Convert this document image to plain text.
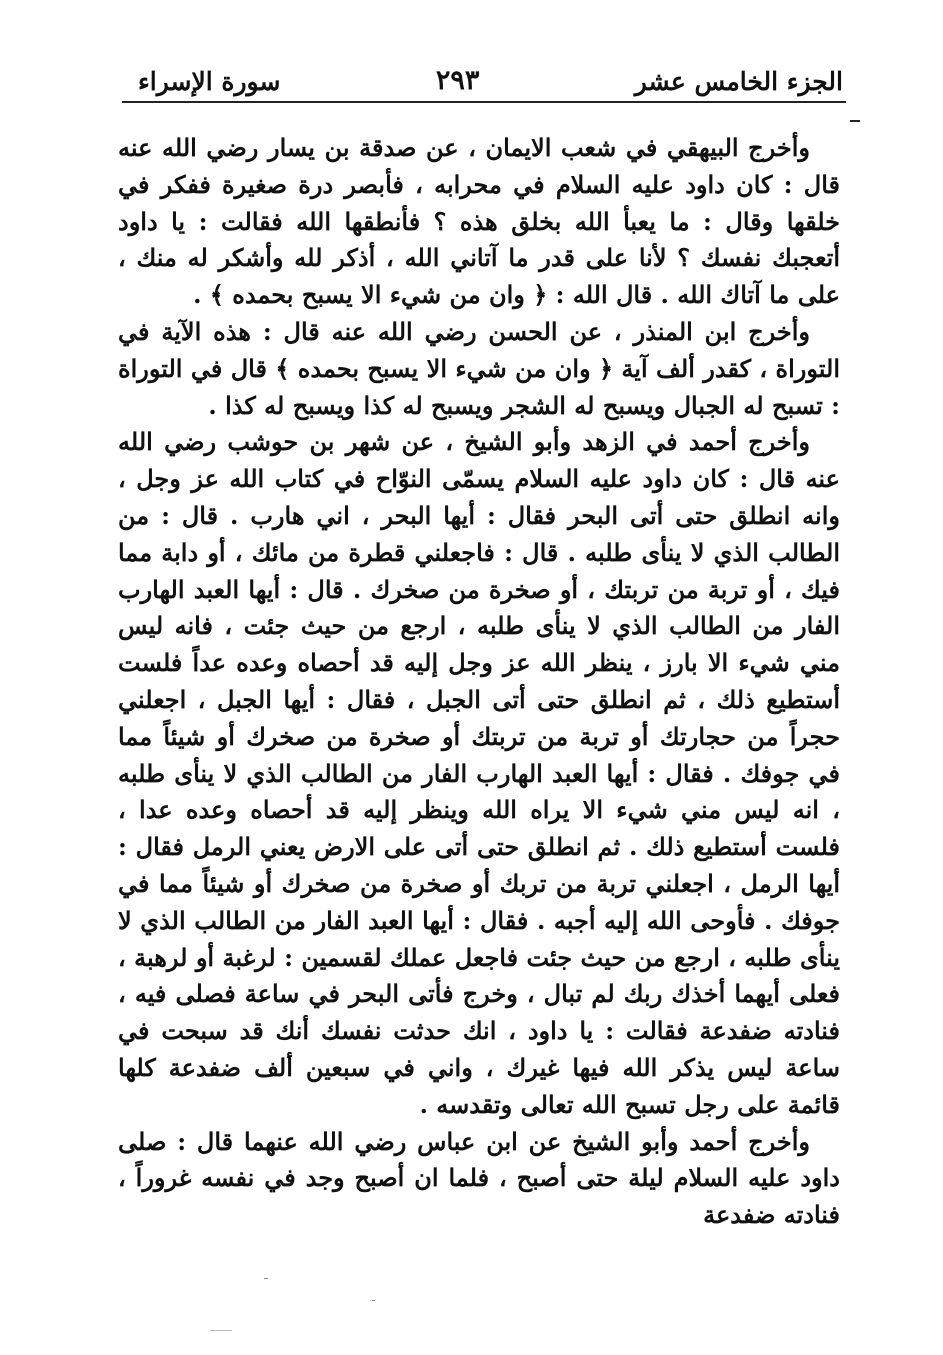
الجزء الخامس عشر
٢٩٣
سورة الإسراء

وأخرج البيهقي في شعب الايمان ، عن صدقة بن يسار رضي الله عنه قال : كان داود عليه السلام في محرابه ، فأبصر درة صغيرة ففكر في خلقها وقال : ما يعبأ الله بخلق هذه ؟ فأنطقها الله فقالت : يا داود أتعجبك نفسك ؟ لأنا على قدر ما آتاني الله ، أذكر لله وأشكر له منك ، على ما آتاك الله . قال الله : ﴿ وان من شيء الا يسبح بحمده ﴾ .

وأخرج ابن المنذر ، عن الحسن رضي الله عنه قال : هذه الآية في التوراة ، كقدر ألف آية ﴿ وان من شيء الا يسبح بحمده ﴾ قال في التوراة : تسبح له الجبال ويسبح له الشجر ويسبح له كذا ويسبح له كذا .

وأخرج أحمد في الزهد وأبو الشيخ ، عن شهر بن حوشب رضي الله عنه قال : كان داود عليه السلام يسمّى النوّاح في كتاب الله عز وجل ، وانه انطلق حتى أتى البحر فقال : أيها البحر ، اني هارب . قال : من الطالب الذي لا ينأى طلبه . قال : فاجعلني قطرة من مائك ، أو دابة مما فيك ، أو تربة من تربتك ، أو صخرة من صخرك . قال : أيها العبد الهارب الفار من الطالب الذي لا ينأى طلبه ، ارجع من حيث جئت ، فانه ليس مني شيء الا بارز ، ينظر الله عز وجل إليه قد أحصاه وعده عداً فلست أستطيع ذلك ، ثم انطلق حتى أتى الجبل ، فقال : أيها الجبل ، اجعلني حجراً من حجارتك أو تربة من تربتك أو صخرة من صخرك أو شيئاً مما في جوفك . فقال : أيها العبد الهارب الفار من الطالب الذي لا ينأى طلبه ، انه ليس مني شيء الا يراه الله وينظر إليه قد أحصاه وعده عدا ، فلست أستطيع ذلك . ثم انطلق حتى أتى على الارض يعني الرمل فقال : أيها الرمل ، اجعلني تربة من تربك أو صخرة من صخرك أو شيئاً مما في جوفك . فأوحى الله إليه أجبه . فقال : أيها العبد الفار من الطالب الذي لا ينأى طلبه ، ارجع من حيث جئت فاجعل عملك لقسمين : لرغبة أو لرهبة ، فعلى أيهما أخذك ربك لم تبال ، وخرج فأتى البحر في ساعة فصلى فيه ، فنادته ضفدعة فقالت : يا داود ، انك حدثت نفسك أنك قد سبحت في ساعة ليس يذكر الله فيها غيرك ، واني في سبعين ألف ضفدعة كلها قائمة على رجل تسبح الله تعالى وتقدسه .

وأخرج أحمد وأبو الشيخ عن ابن عباس رضي الله عنهما قال : صلى داود عليه السلام ليلة حتى أصبح ، فلما ان أصبح وجد في نفسه غروراً ، فنادته ضفدعة
